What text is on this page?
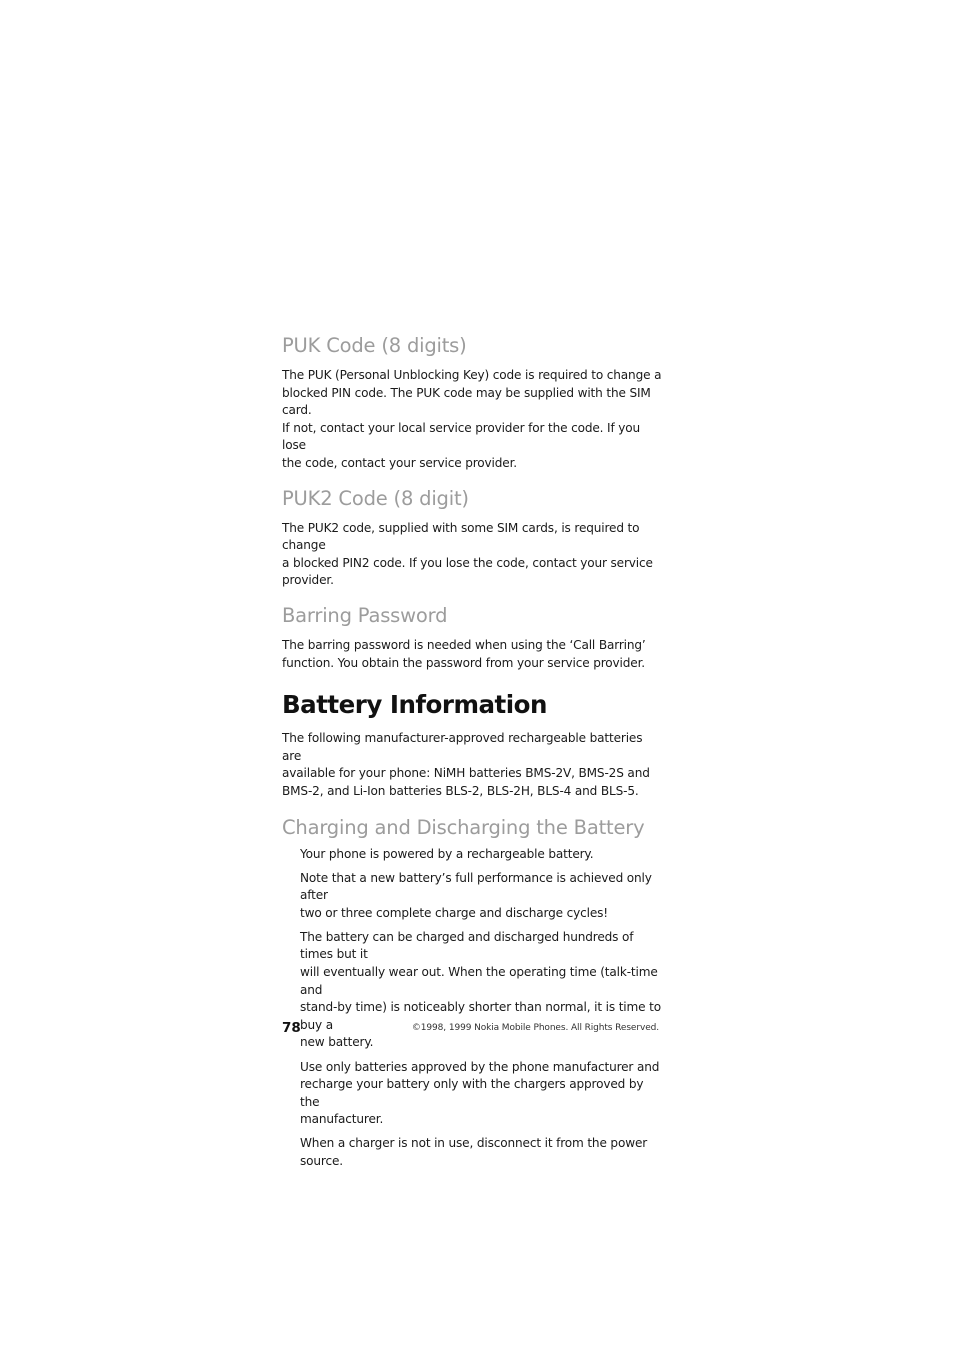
PUK Code (8 digits)

The PUK (Personal Unblocking Key) code is required to change a
blocked PIN code. The PUK code may be supplied with the SIM card.
If not, contact your local service provider for the code. If you lose
the code, contact your service provider.

PUK2 Code (8 digit)

The PUK2 code, supplied with some SIM cards, is required to change
a blocked PIN2 code. If you lose the code, contact your service
provider.

Barring Password

The barring password is needed when using the ‘Call Barring’
function. You obtain the password from your service provider.

Battery Information

The following manufacturer-approved rechargeable batteries are
available for your phone: NiMH batteries BMS-2V, BMS-2S and
BMS-2, and Li-Ion batteries BLS-2, BLS-2H, BLS-4 and BLS-5.

Charging and Discharging the Battery

Your phone is powered by a rechargeable battery.

Note that a new battery’s full performance is achieved only after
two or three complete charge and discharge cycles!

The battery can be charged and discharged hundreds of times but it
will eventually wear out. When the operating time (talk-time and
stand-by time) is noticeably shorter than normal, it is time to buy a
new battery.

Use only batteries approved by the phone manufacturer and
recharge your battery only with the chargers approved by the
manufacturer.

When a charger is not in use, disconnect it from the power source.

78	©1998, 1999 Nokia Mobile Phones. All Rights Reserved.
